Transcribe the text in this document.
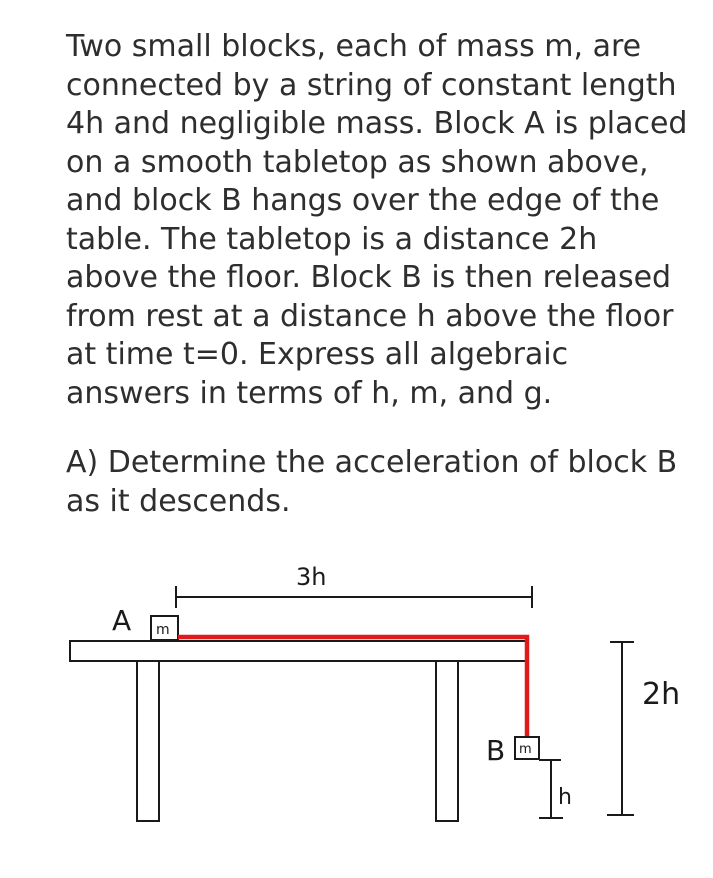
Two small blocks, each of mass m, are connected by a string of constant length 4h and negligible mass. Block A is placed on a smooth tabletop as shown above, and block B hangs over the edge of the table. The tabletop is a distance 2h above the floor. Block B is then released from rest at a distance h above the floor at time t=0. Express all algebraic answers in terms of h, m, and g.

A) Determine the acceleration of block B as it descends.

3h
A m
B m
h
2h
